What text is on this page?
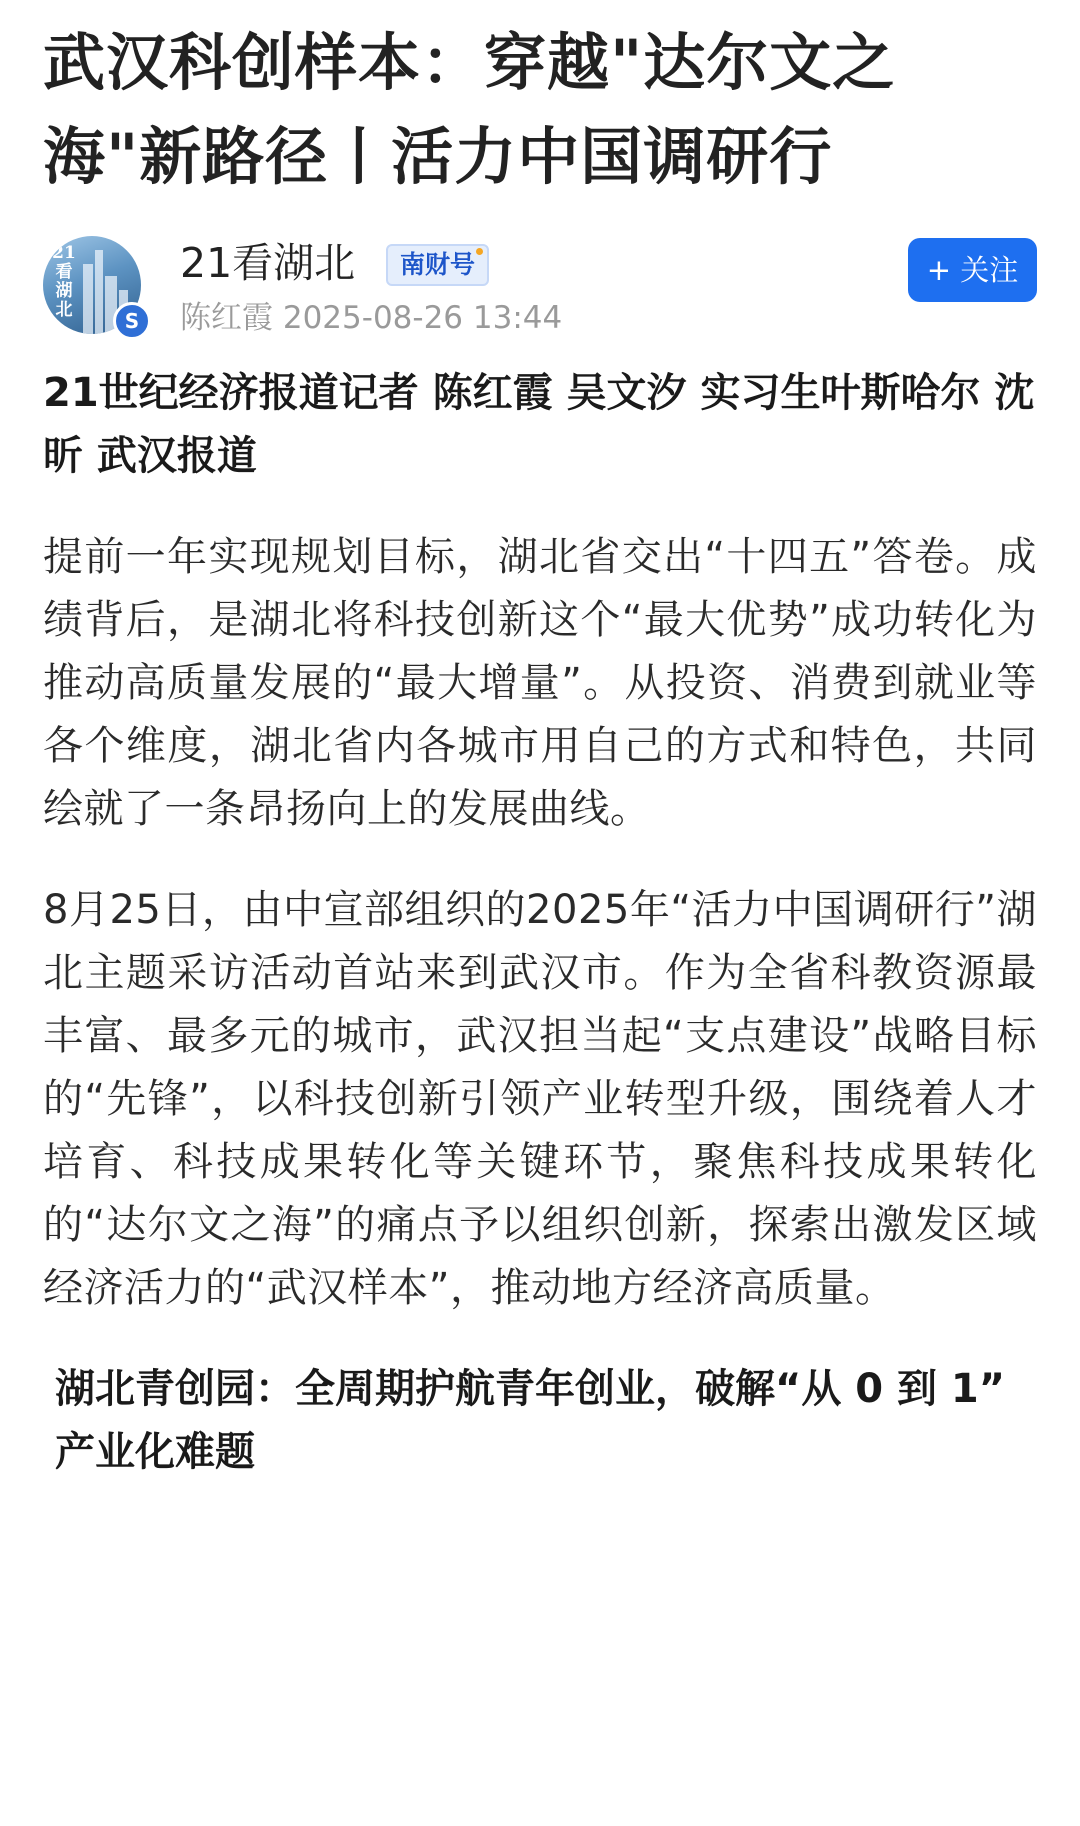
武汉科创样本：穿越"达尔文之海"新路径丨活力中国调研行
21看湖北	S
21看湖北	南财号
陈红霞 2025-08-26 13:44
+ 关注

21世纪经济报道记者 陈红霞 吴文汐 实习生叶斯哈尔 沈昕 武汉报道

提前一年实现规划目标，湖北省交出“十四五”答卷。成绩背后，是湖北将科技创新这个“最大优势”成功转化为推动高质量发展的“最大增量”。从投资、消费到就业等各个维度，湖北省内各城市用自己的方式和特色，共同绘就了一条昂扬向上的发展曲线。

8月25日，由中宣部组织的2025年“活力中国调研行”湖北主题采访活动首站来到武汉市。作为全省科教资源最丰富、最多元的城市，武汉担当起“支点建设”战略目标的“先锋”，以科技创新引领产业转型升级，围绕着人才培育、科技成果转化等关键环节，聚焦科技成果转化的“达尔文之海”的痛点予以组织创新，探索出激发区域经济活力的“武汉样本”，推动地方经济高质量。

湖北青创园：全周期护航青年创业，破解“从 0 到 1” 产业化难题
